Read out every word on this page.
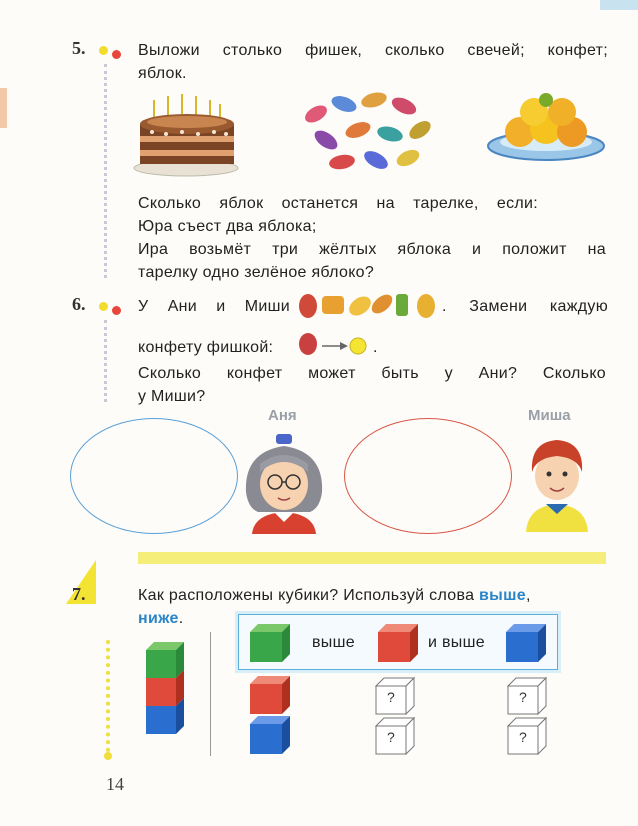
5.	Выложи столько фишек, сколько свечей; конфет;
яблок.
Сколько яблок останется на тарелке, если:
Юра съест два яблока;
Ира возьмёт три жёлтых яблока и положит на
тарелку одно зелёное яблоко?
6.	У Ани и Миши	. Замени каждую
конфету фишкой:	.
Сколько конфет может быть у Ани? Сколько
у Миши?
Аня	Миша
7.	Как расположены кубики? Используй слова выше,
ниже.
выше	и выше
?	?
?	?
14
